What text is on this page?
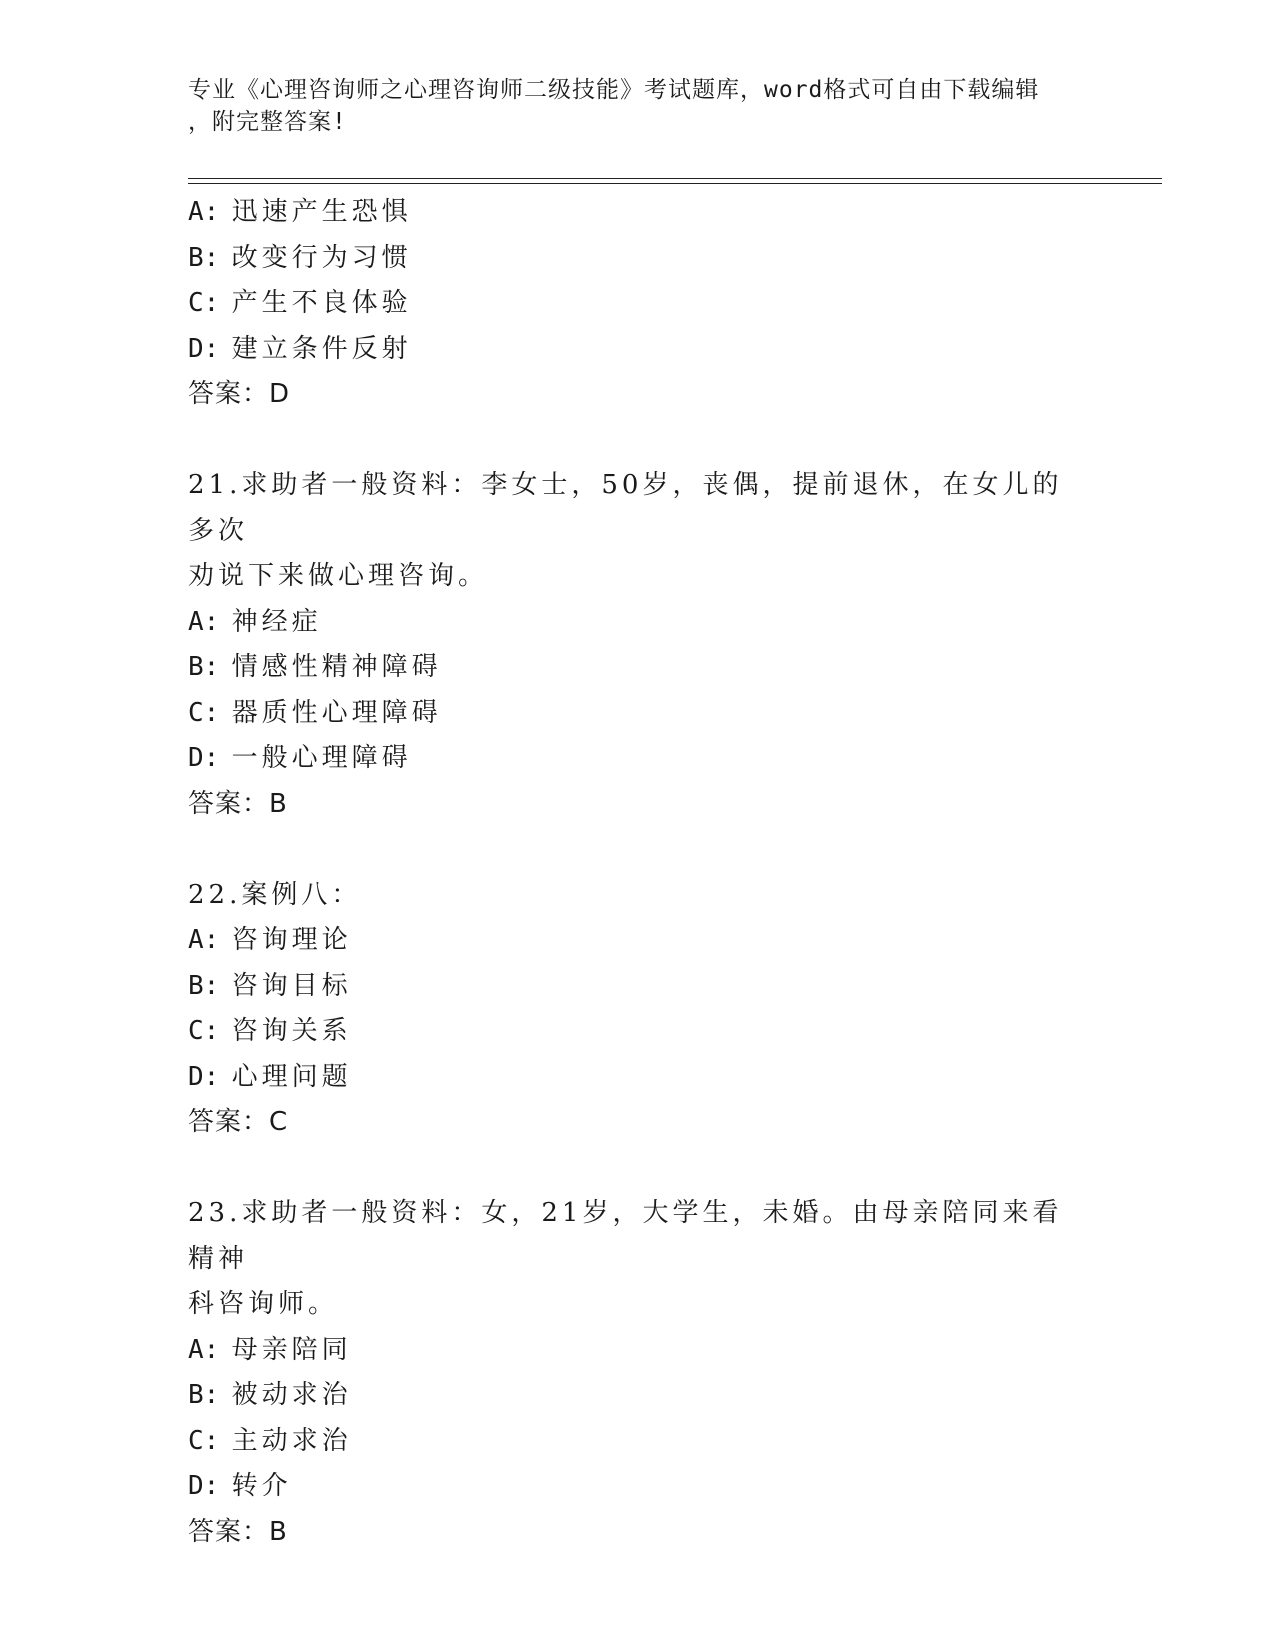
专业《心理咨询师之心理咨询师二级技能》考试题库，word格式可自由下载编辑
，附完整答案!
A: 迅速产生恐惧
B: 改变行为习惯
C: 产生不良体验
D: 建立条件反射
答案：D
21.求助者一般资料：李女士，50岁，丧偶，提前退休，在女儿的多次
劝说下来做心理咨询。
A: 神经症
B: 情感性精神障碍
C: 器质性心理障碍
D: 一般心理障碍
答案：B
22.案例八：
A: 咨询理论
B: 咨询目标
C: 咨询关系
D: 心理问题
答案：C
23.求助者一般资料：女，21岁，大学生，未婚。由母亲陪同来看精神
科咨询师。
A: 母亲陪同
B: 被动求治
C: 主动求治
D: 转介
答案：B
